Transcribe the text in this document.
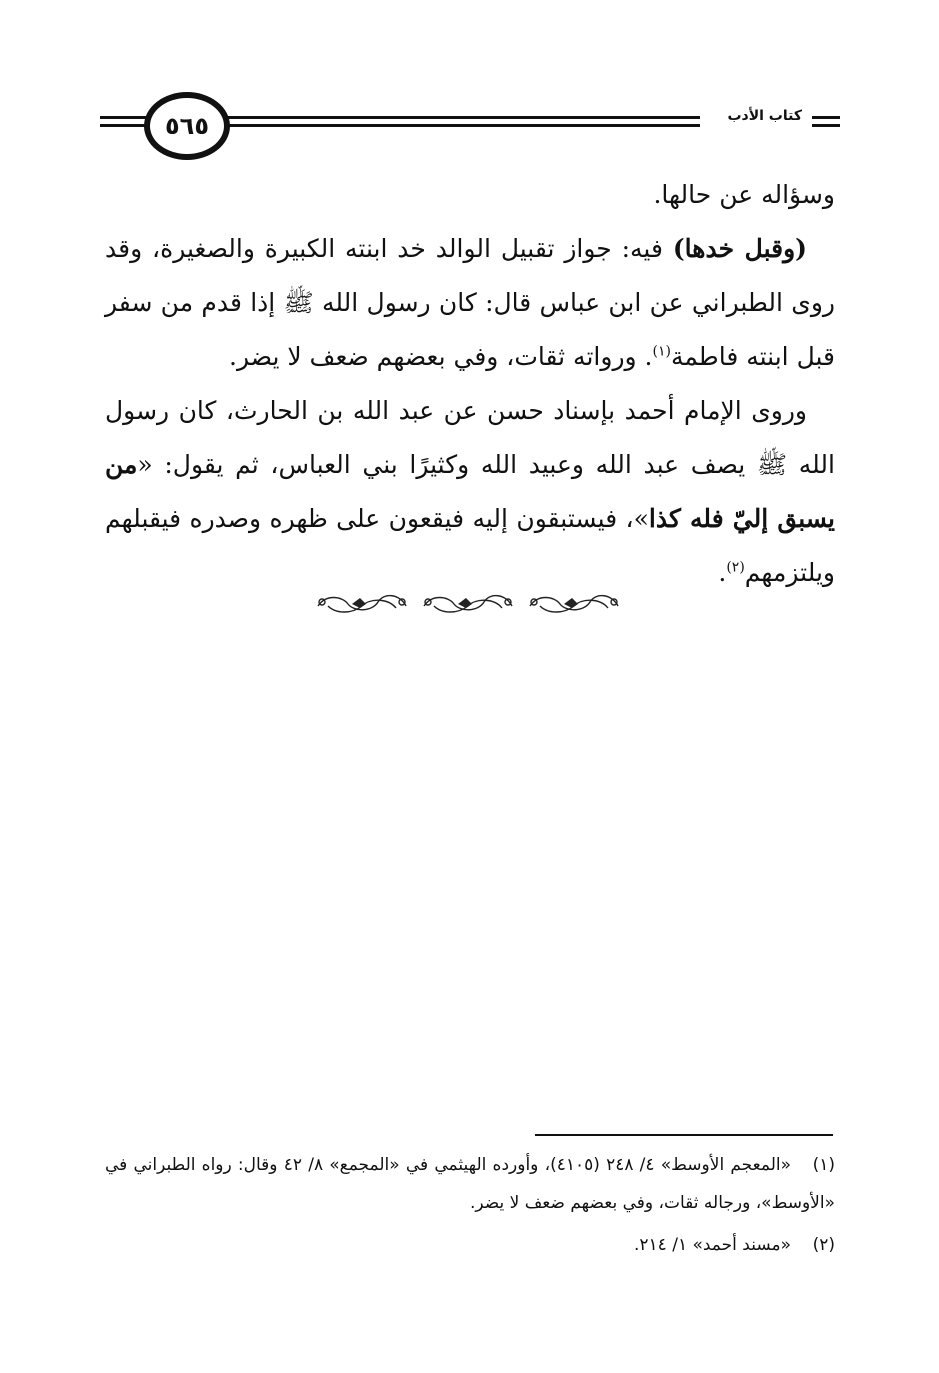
٥٦٥	كتاب الأدب

وسؤاله عن حالها.

(وقبل خدها) فيه: جواز تقبيل الوالد خد ابنته الكبيرة والصغيرة، وقد روى الطبراني عن ابن عباس قال: كان رسول الله ﷺ إذا قدم من سفر قبل ابنته فاطمة$^{(١)}$. ورواته ثقات، وفي بعضهم ضعف لا يضر.

وروى الإمام أحمد بإسناد حسن عن عبد الله بن الحارث، كان رسول الله ﷺ يصف عبد الله وعبيد الله وكثيرًا بني العباس، ثم يقول: «من يسبق إليّ فله كذا»، فيستبقون إليه فيقعون على ظهره وصدره فيقبلهم ويلتزمهم$^{(٢)}$.

(١)«المعجم الأوسط» ٤/ ٢٤٨ (٤١٠٥)، وأورده الهيثمي في «المجمع» ٨/ ٤٢ وقال: رواه الطبراني في «الأوسط»، ورجاله ثقات، وفي بعضهم ضعف لا يضر.

(٢)«مسند أحمد» ١/ ٢١٤.
